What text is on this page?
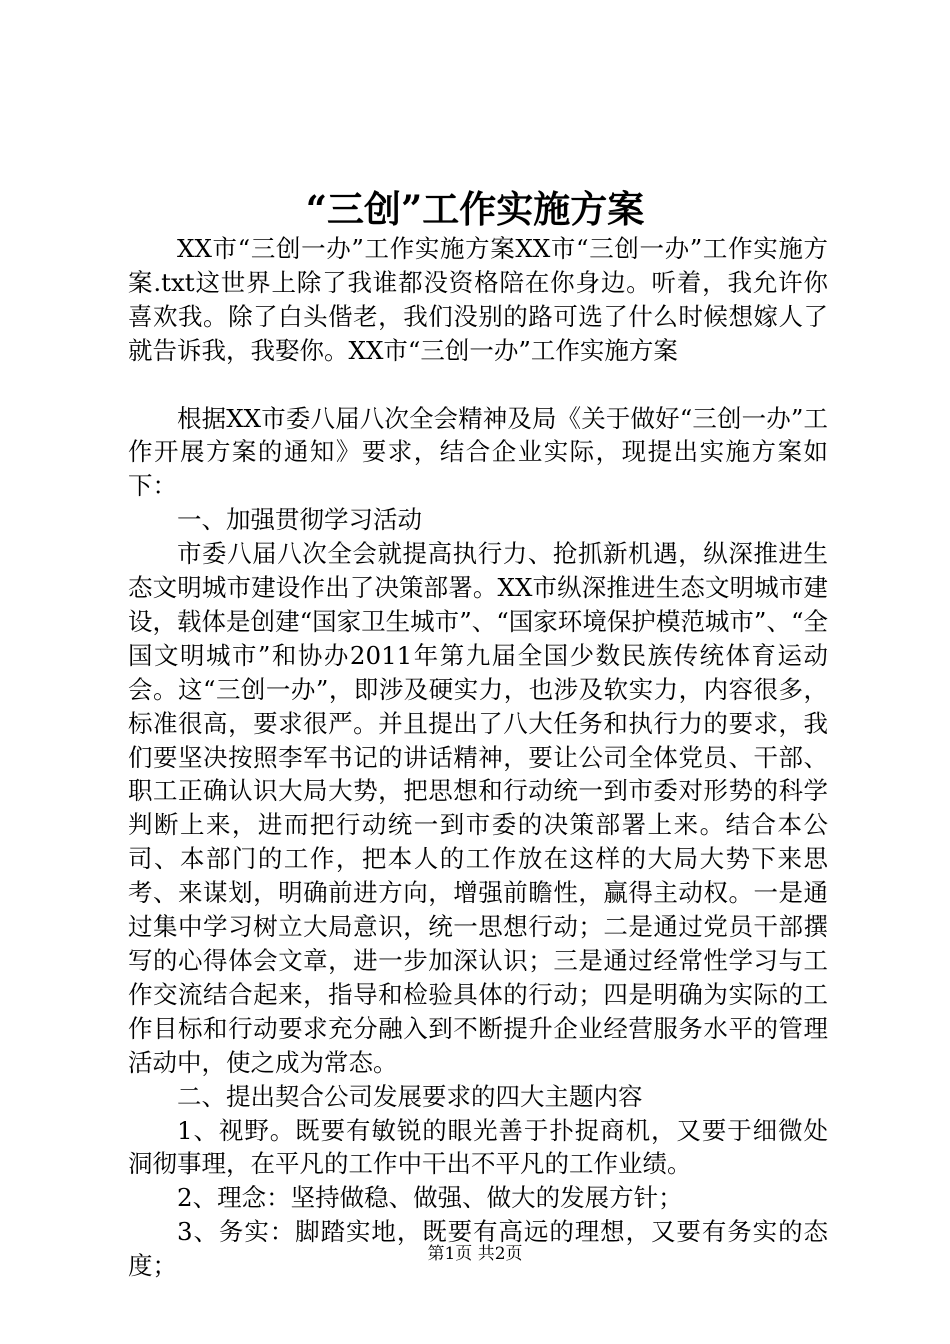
“三创”工作实施方案

XX市“三创一办”工作实施方案XX市“三创一办”工作实施方案.txt这世界上除了我谁都没资格陪在你身边。听着，我允许你喜欢我。除了白头偕老，我们没别的路可选了什么时候想嫁人了就告诉我，我娶你。XX市“三创一办”工作实施方案

根据XX市委八届八次全会精神及局《关于做好“三创一办”工作开展方案的通知》要求，结合企业实际，现提出实施方案如下：

一、加强贯彻学习活动

市委八届八次全会就提高执行力、抢抓新机遇，纵深推进生态文明城市建设作出了决策部署。XX市纵深推进生态文明城市建设，载体是创建“国家卫生城市”、“国家环境保护模范城市”、“全国文明城市”和协办2011年第九届全国少数民族传统体育运动会。这“三创一办”，即涉及硬实力，也涉及软实力，内容很多，标准很高，要求很严。并且提出了八大任务和执行力的要求，我们要坚决按照李军书记的讲话精神，要让公司全体党员、干部、职工正确认识大局大势，把思想和行动统一到市委对形势的科学判断上来，进而把行动统一到市委的决策部署上来。结合本公司、本部门的工作，把本人的工作放在这样的大局大势下来思考、来谋划，明确前进方向，增强前瞻性，赢得主动权。一是通过集中学习树立大局意识，统一思想行动；二是通过党员干部撰写的心得体会文章，进一步加深认识；三是通过经常性学习与工作交流结合起来，指导和检验具体的行动；四是明确为实际的工作目标和行动要求充分融入到不断提升企业经营服务水平的管理活动中，使之成为常态。

二、提出契合公司发展要求的四大主题内容

1、视野。既要有敏锐的眼光善于扑捉商机，又要于细微处洞彻事理，在平凡的工作中干出不平凡的工作业绩。

2、理念：坚持做稳、做强、做大的发展方针；

3、务实：脚踏实地，既要有高远的理想，又要有务实的态度；	第1页 共2页
